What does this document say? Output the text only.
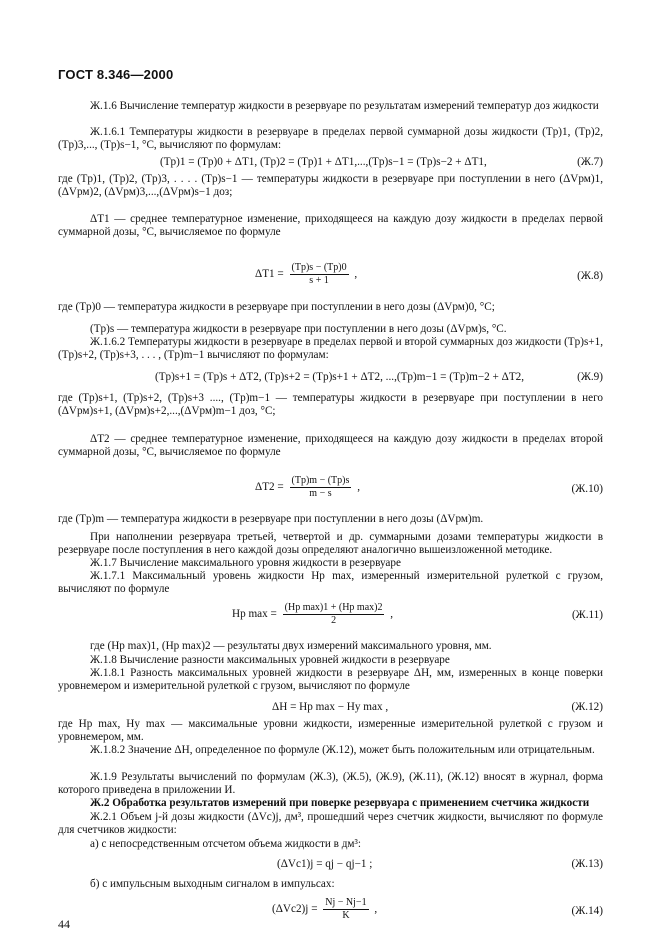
ГОСТ 8.346—2000
Ж.1.6 Вычисление температур жидкости в резервуаре по результатам измерений температур доз жидкости
Ж.1.6.1 Температуры жидкости в резервуаре в пределах первой суммарной дозы жидкости (Tр)1, (Tр)2, (Tр)3,..., (Tр)s−1, °С, вычисляют по формулам:
(Tр)1 = (Tр)0 + ΔT1, (Tр)2 = (Tр)1 + ΔT1,...,(Tр)s−1 = (Tр)s−2 + ΔT1,	(Ж.7)
где (Tр)1, (Tр)2, (Tр)3, . . . . (Tр)s−1 — температуры жидкости в резервуаре при поступлении в него (ΔVрм)1, (ΔVрм)2, (ΔVрм)3,...,(ΔVрм)s−1 доз;
ΔT1 — среднее температурное изменение, приходящееся на каждую дозу жидкости в пределах первой суммарной дозы, °С, вычисляемое по формуле
$\Delta T1 = \frac{(Tр)s - (Tр)0}{s + 1}$ ,	(Ж.8)
где (Tр)0 — температура жидкости в резервуаре при поступлении в него дозы (ΔVрм)0, °С;
(Tр)s — температура жидкости в резервуаре при поступлении в него дозы (ΔVрм)s, °С.
Ж.1.6.2 Температуры жидкости в резервуаре в пределах первой и второй суммарных доз жидкости (Tр)s+1, (Tр)s+2, (Tр)s+3, . . . , (Tр)m−1 вычисляют по формулам:
(Tр)s+1 = (Tр)s + ΔT2, (Tр)s+2 = (Tр)s+1 + ΔT2, ...,(Tр)m−1 = (Tр)m−2 + ΔT2,	(Ж.9)
где (Tр)s+1, (Tр)s+2, (Tр)s+3 ...., (Tр)m−1 — температуры жидкости в резервуаре при поступлении в него (ΔVрм)s+1, (ΔVрм)s+2,...,(ΔVрм)m−1 доз, °С;
ΔT2 — среднее температурное изменение, приходящееся на каждую дозу жидкости в пределах второй суммарной дозы, °С, вычисляемое по формуле
$\Delta T2 = \frac{(Tр)m - (Tр)s}{m - s}$ ,	(Ж.10)
где (Tр)m — температура жидкости в резервуаре при поступлении в него дозы (ΔVрм)m.
При наполнении резервуара третьей, четвертой и др. суммарными дозами температуры жидкости в резервуаре после поступления в него каждой дозы определяют аналогично вышеизложенной методике.
Ж.1.7 Вычисление максимального уровня жидкости в резервуаре
Ж.1.7.1 Максимальный уровень жидкости Hр max, измеренный измерительной рулеткой с грузом, вычисляют по формуле
Hр $\max = \frac{\text{(Hр max)1 + (Hр max)2}}{2}$ ,	(Ж.11)
где (Hр max)1, (Hр max)2 — результаты двух измерений максимального уровня, мм.
Ж.1.8 Вычисление разности максимальных уровней жидкости в резервуаре
Ж.1.8.1 Разность максимальных уровней жидкости в резервуаре ΔH, мм, измеренных в конце поверки уровнемером и измерительной рулеткой с грузом, вычисляют по формуле
ΔH = Hр max − Hу max ,	(Ж.12)
где Hр max, Hу max — максимальные уровни жидкости, измеренные измерительной рулеткой с грузом и уровнемером, мм.
Ж.1.8.2 Значение ΔH, определенное по формуле (Ж.12), может быть положительным или отрицательным.
Ж.1.9 Результаты вычислений по формулам (Ж.3), (Ж.5), (Ж.9), (Ж.11), (Ж.12) вносят в журнал, форма которого приведена в приложении И.
Ж.2 Обработка результатов измерений при поверке резервуара с применением счетчика жидкости
Ж.2.1 Объем j-й дозы жидкости (ΔVс)j, дм³, прошедший через счетчик жидкости, вычисляют по формуле для счетчиков жидкости:
а) с непосредственным отсчетом объема жидкости в дм³:
(ΔVс1)j = qj − qj−1 ;	(Ж.13)
б) с импульсным выходным сигналом в импульсах:
$(\Delta Vс2)j = \frac{Nj - Nj-1}{K}$ ,	(Ж.14)
44
